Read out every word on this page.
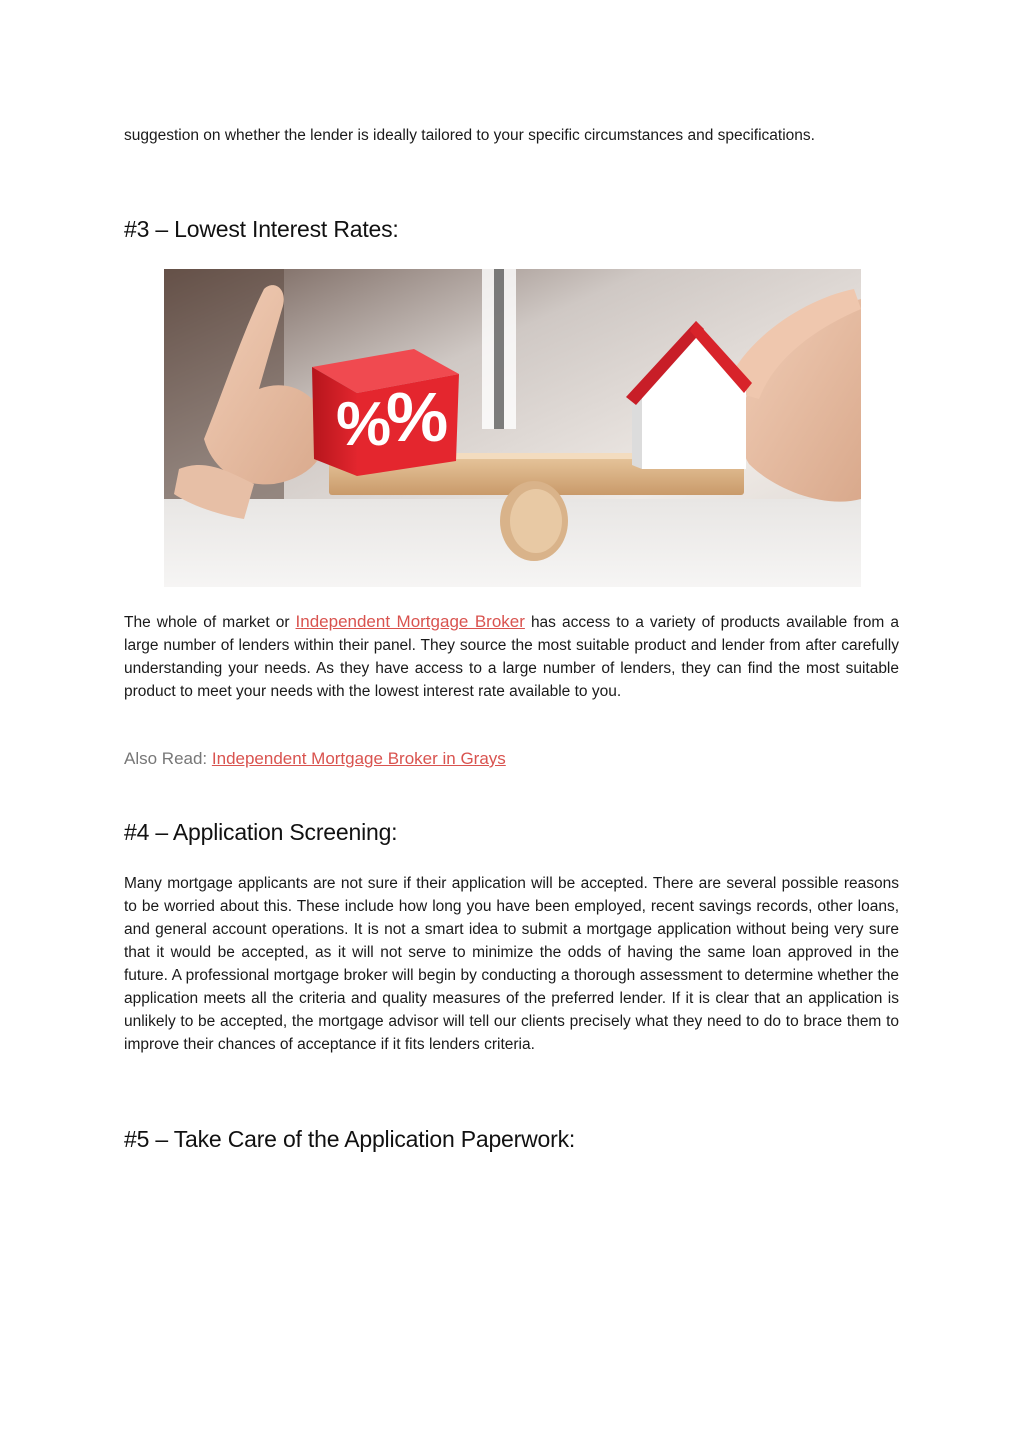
suggestion on whether the lender is ideally tailored to your specific circumstances and specifications.

#3 – Lowest Interest Rates:
%
%

The whole of market or Independent Mortgage Broker has access to a variety of products available from a large number of lenders within their panel. They source the most suitable product and lender from after carefully understanding your needs. As they have access to a large number of lenders, they can find the most suitable product to meet your needs with the lowest interest rate available to you.

Also Read: Independent Mortgage Broker in Grays
#4 – Application Screening:

Many mortgage applicants are not sure if their application will be accepted. There are several possible reasons to be worried about this. These include how long you have been employed, recent savings records, other loans, and general account operations. It is not a smart idea to submit a mortgage application without being very sure that it would be accepted, as it will not serve to minimize the odds of having the same loan approved in the future. A professional mortgage broker will begin by conducting a thorough assessment to determine whether the application meets all the criteria and quality measures of the preferred lender. If it is clear that an application is unlikely to be accepted, the mortgage advisor will tell our clients precisely what they need to do to brace them to improve their chances of acceptance if it fits lenders criteria.

#5 – Take Care of the Application Paperwork:
